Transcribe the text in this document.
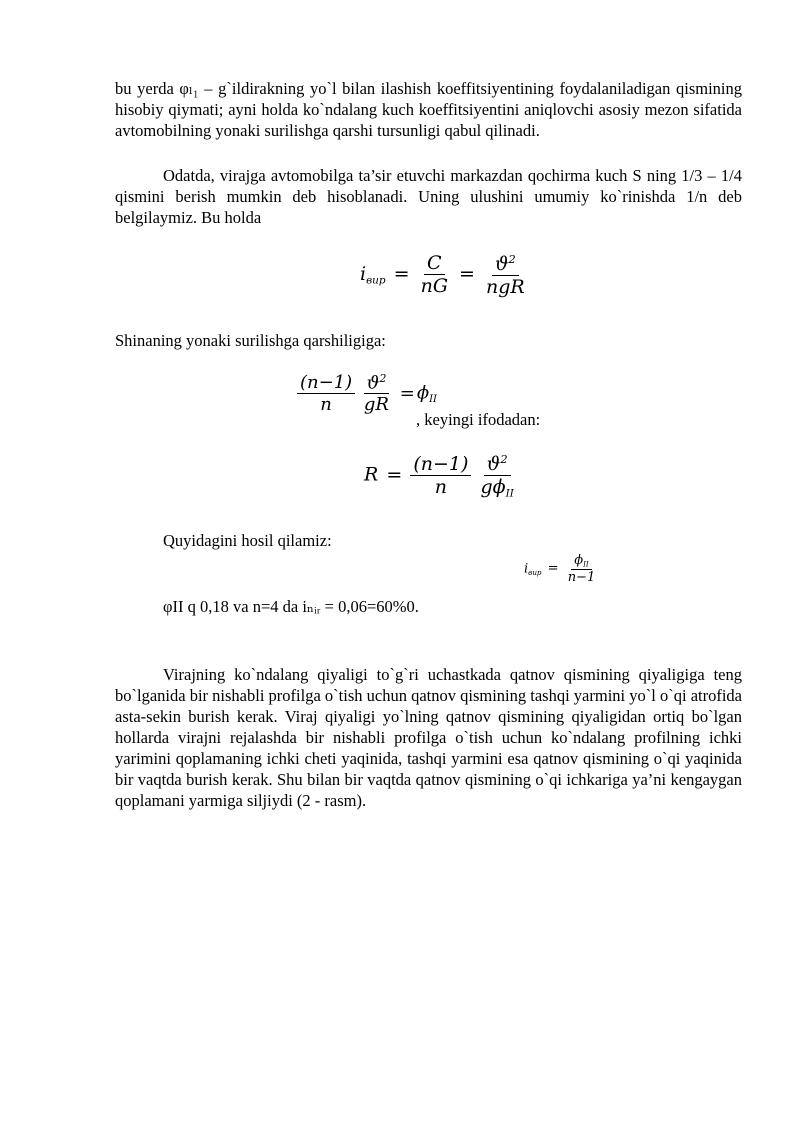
bu yerda φₗ₁ – g`ildirakning yo`l bilan ilashish koeffitsiyentining foydalaniladigan qismining hisobiy qiymati; ayni holda ko`ndalang kuch koeffitsiyentini aniqlovchi asosiy mezon sifatida avtomobilning yonaki surilishga qarshi tursunligi qabul qilinadi.
Odatda, virajga avtomobilga ta’sir etuvchi markazdan qochirma kuch S ning 1/3 – 1/4 qismini berish mumkin deb hisoblanadi. Uning ulushini umumiy ko`rinishda 1/n deb belgilaymiz. Bu holda
$i_{вир} = \frac{C}{nG} = \frac{ϑ^2}{\text{ngR}}$
Shinaning yonaki surilishga qarshiligiga:
$\frac{(n-1)}{n}$
$\frac{ϑ^2}{gR} = \phi_{II}$
, keyingi ifodadan:
$R = \frac{(n-1)}{n}$
$\frac{ϑ^2}{g\phi_{II}}$
Quyidagini hosil qilamiz:
$i_{вир} = \frac{\phi_{II}}{n-1}$
φII q 0,18 va n=4 da iₙᵢᵣ = 0,06=60%0.
Virajning ko`ndalang qiyaligi to`g`ri uchastkada qatnov qismining qiyaligiga teng bo`lganida bir nishabli profilga o`tish uchun qatnov qismining tashqi yarmini yo`l o`qi atrofida asta-sekin burish kerak. Viraj qiyaligi yo`lning qatnov qismining qiyaligidan ortiq bo`lgan hollarda virajni rejalashda bir nishabli profilga o`tish uchun ko`ndalang profilning ichki yarimini qoplamaning ichki cheti yaqinida, tashqi yarmini esa qatnov qismining o`qi yaqinida bir vaqtda burish kerak. Shu bilan bir vaqtda qatnov qismining o`qi ichkariga ya’ni kengaygan qoplamani yarmiga siljiydi (2 - rasm).
